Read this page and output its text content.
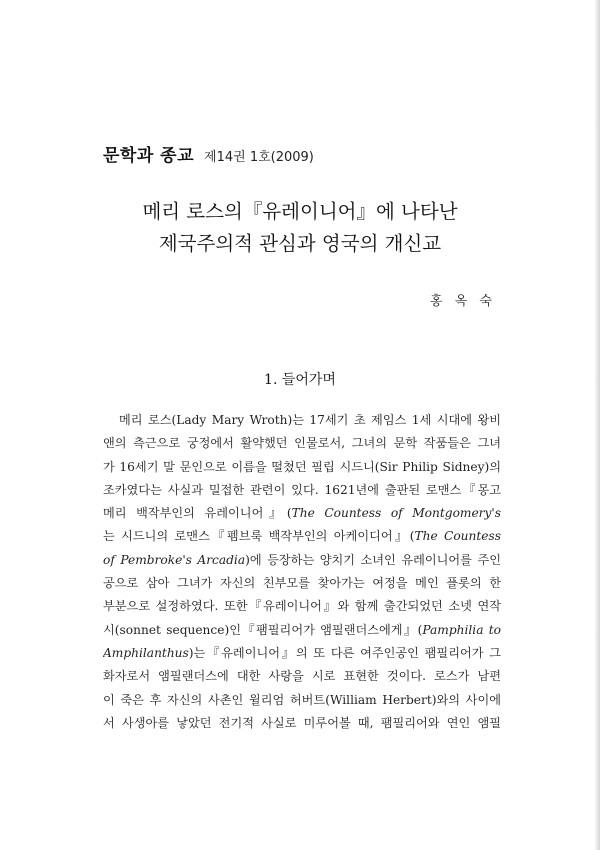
문학과 종교 제14권 1호(2009)
메리 로스의『유레이니어』에 나타난
제국주의적 관심과 영국의 개신교
홍 옥 숙
1. 들어가며
메리 로스(Lady Mary Wroth)는 17세기 초 제임스 1세 시대에 왕비
앤의 측근으로 궁정에서 활약했던 인물로서, 그녀의 문학 작품들은 그녀
가 16세기 말 문인으로 이름을 떨쳤던 필립 시드니(Sir Philip Sidney)의
조카였다는 사실과 밀접한 관련이 있다. 1621년에 출판된 로맨스『몽고
메리 백작부인의 유레이니어』(The Countess of Montgomery's
는 시드니의 로맨스『펨브룩 백작부인의 아케이디어』(The Countess
of Pembroke's Arcadia)에 등장하는 양치기 소녀인 유레이니어를 주인
공으로 삼아 그녀가 자신의 친부모를 찾아가는 여정을 메인 플롯의 한
부분으로 설정하였다. 또한『유레이니어』와 함께 출간되었던 소넷 연작
시(sonnet sequence)인『팸필리어가 앰필랜더스에게』(Pamphilia to
Amphilanthus)는『유레이니어』의 또 다른 여주인공인 팸필리어가 그
화자로서 앰필랜더스에 대한 사랑을 시로 표현한 것이다. 로스가 남편
이 죽은 후 자신의 사촌인 윌리엄 허버트(William Herbert)와의 사이에
서 사생아를 낳았던 전기적 사실로 미루어볼 때, 팸필리어와 연인 앰필
